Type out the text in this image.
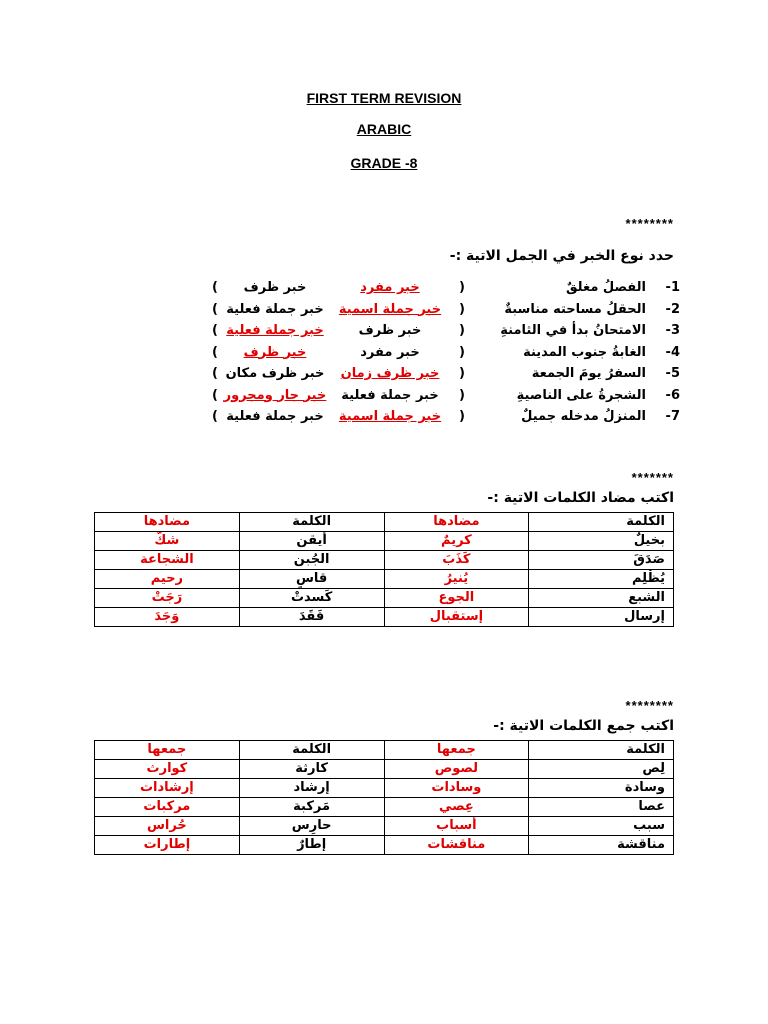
FIRST TERM REVISION
ARABIC
GRADE -8
********
حدد نوع الخبر في الجمل الاتية :-
-1
الفصلُ مغلقٌ
(
خبر مفرد
خبر ظرف
)
-2
الحقلُ مساحته مناسبةٌ
(
خبر جملة اسمية
خبر جملة فعلية
)
-3
الامتحانُ بدأ في الثامنةِ
(
خبر ظرف
خبر جملة فعلية
)
-4
الغابةُ جنوب المدينة
(
خبر مفرد
خبر ظرف
)
-5
السفرُ يومَ الجمعة
(
خبر ظرف زمان
خبر ظرف مكان
)
-6
الشجرةُ على الناصيةِ
(
خبر جملة فعلية
خبر جار ومجرور
)
-7
المنزلُ مدخله جميلٌ
(
خبر جملة اسمية
خبر جملة فعلية
)
*******
اكتب مضاد الكلمات الاتية :-
الكلمة	مضادها	الكلمة	مضادها
بخيلٌ	كريمٌ	أيقن	شكَّ
صَدَقَ	كَذَبَ	الجُبن	الشجاعة
يُظْلِم	يُنيرُ	قاسٍ	رحيم
الشبع	الجوع	كَسدتْ	رَجَتْ
إرسال	إستقبال	فَقَدَ	وَجَدَ
********
اكتب جمع الكلمات الاتية :-
الكلمة	جمعها	الكلمة	جمعها
لِص	لصوص	كارثة	كوارث
وسادة	وسادات	إرشاد	إرشادات
عصا	عِصي	مَركبة	مركبات
سبب	أسباب	حارِس	حُراس
مناقشة	مناقشات	إطارٌ	إطارات
